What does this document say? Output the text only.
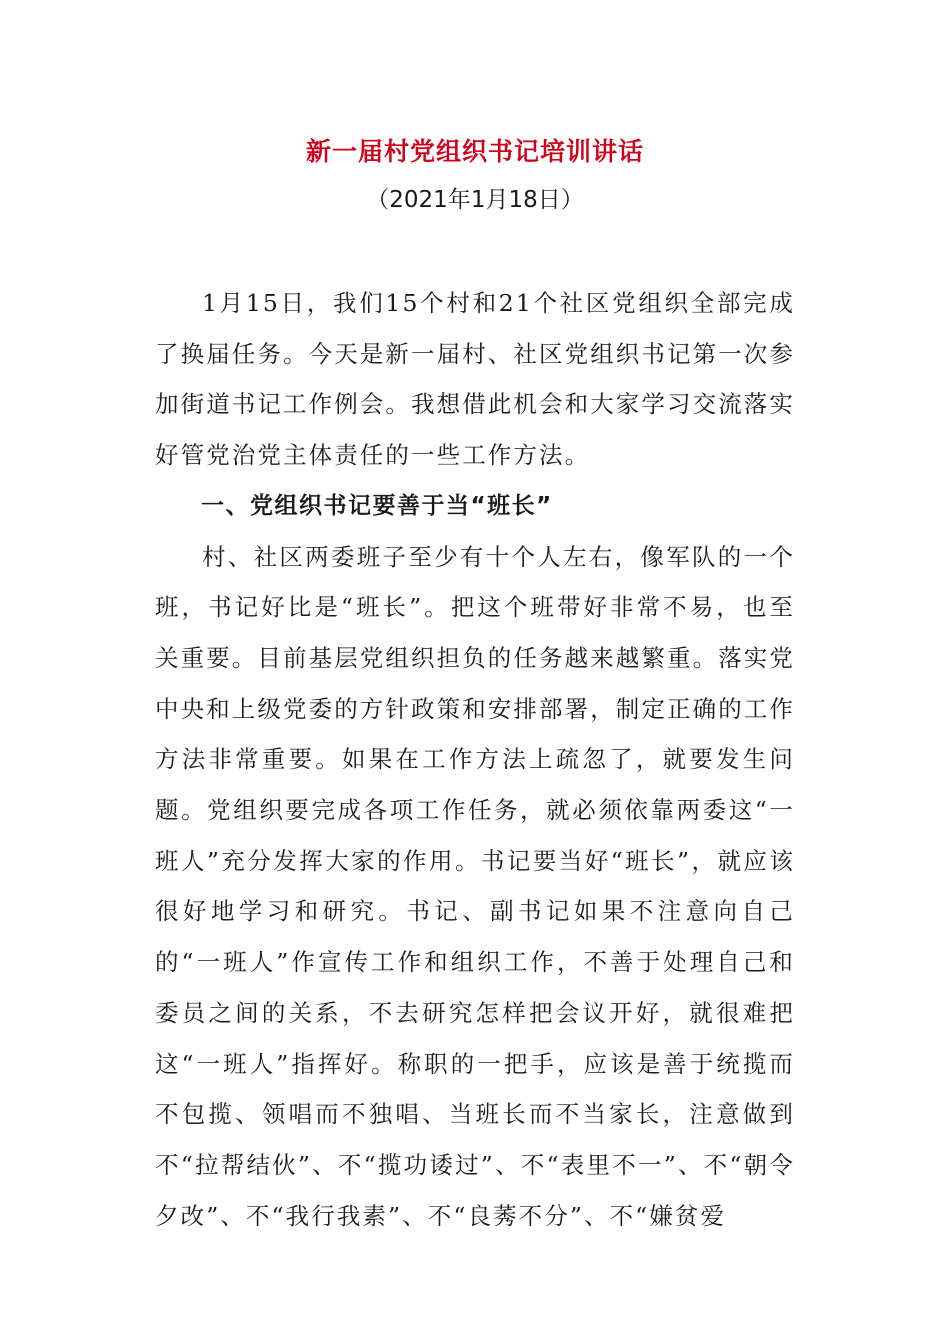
新一届村党组织书记培训讲话
（2021年1月18日）

1月15日，我们15个村和21个社区党组织全部完成了换届任务。今天是新一届村、社区党组织书记第一次参加街道书记工作例会。我想借此机会和大家学习交流落实好管党治党主体责任的一些工作方法。

一、党组织书记要善于当“班长”

村、社区两委班子至少有十个人左右，像军队的一个班，书记好比是“班长”。把这个班带好非常不易，也至关重要。目前基层党组织担负的任务越来越繁重。落实党中央和上级党委的方针政策和安排部署，制定正确的工作方法非常重要。如果在工作方法上疏忽了，就要发生问题。党组织要完成各项工作任务，就必须依靠两委这“一班人”充分发挥大家的作用。书记要当好“班长”，就应该很好地学习和研究。书记、副书记如果不注意向自己的“一班人”作宣传工作和组织工作，不善于处理自己和委员之间的关系，不去研究怎样把会议开好，就很难把这“一班人”指挥好。称职的一把手，应该是善于统揽而不包揽、领唱而不独唱、当班长而不当家长，注意做到不“拉帮结伙”、不“揽功诿过”、不“表里不一”、不“朝令夕改”、不“我行我素”、不“良莠不分”、不“嫌贫爱
